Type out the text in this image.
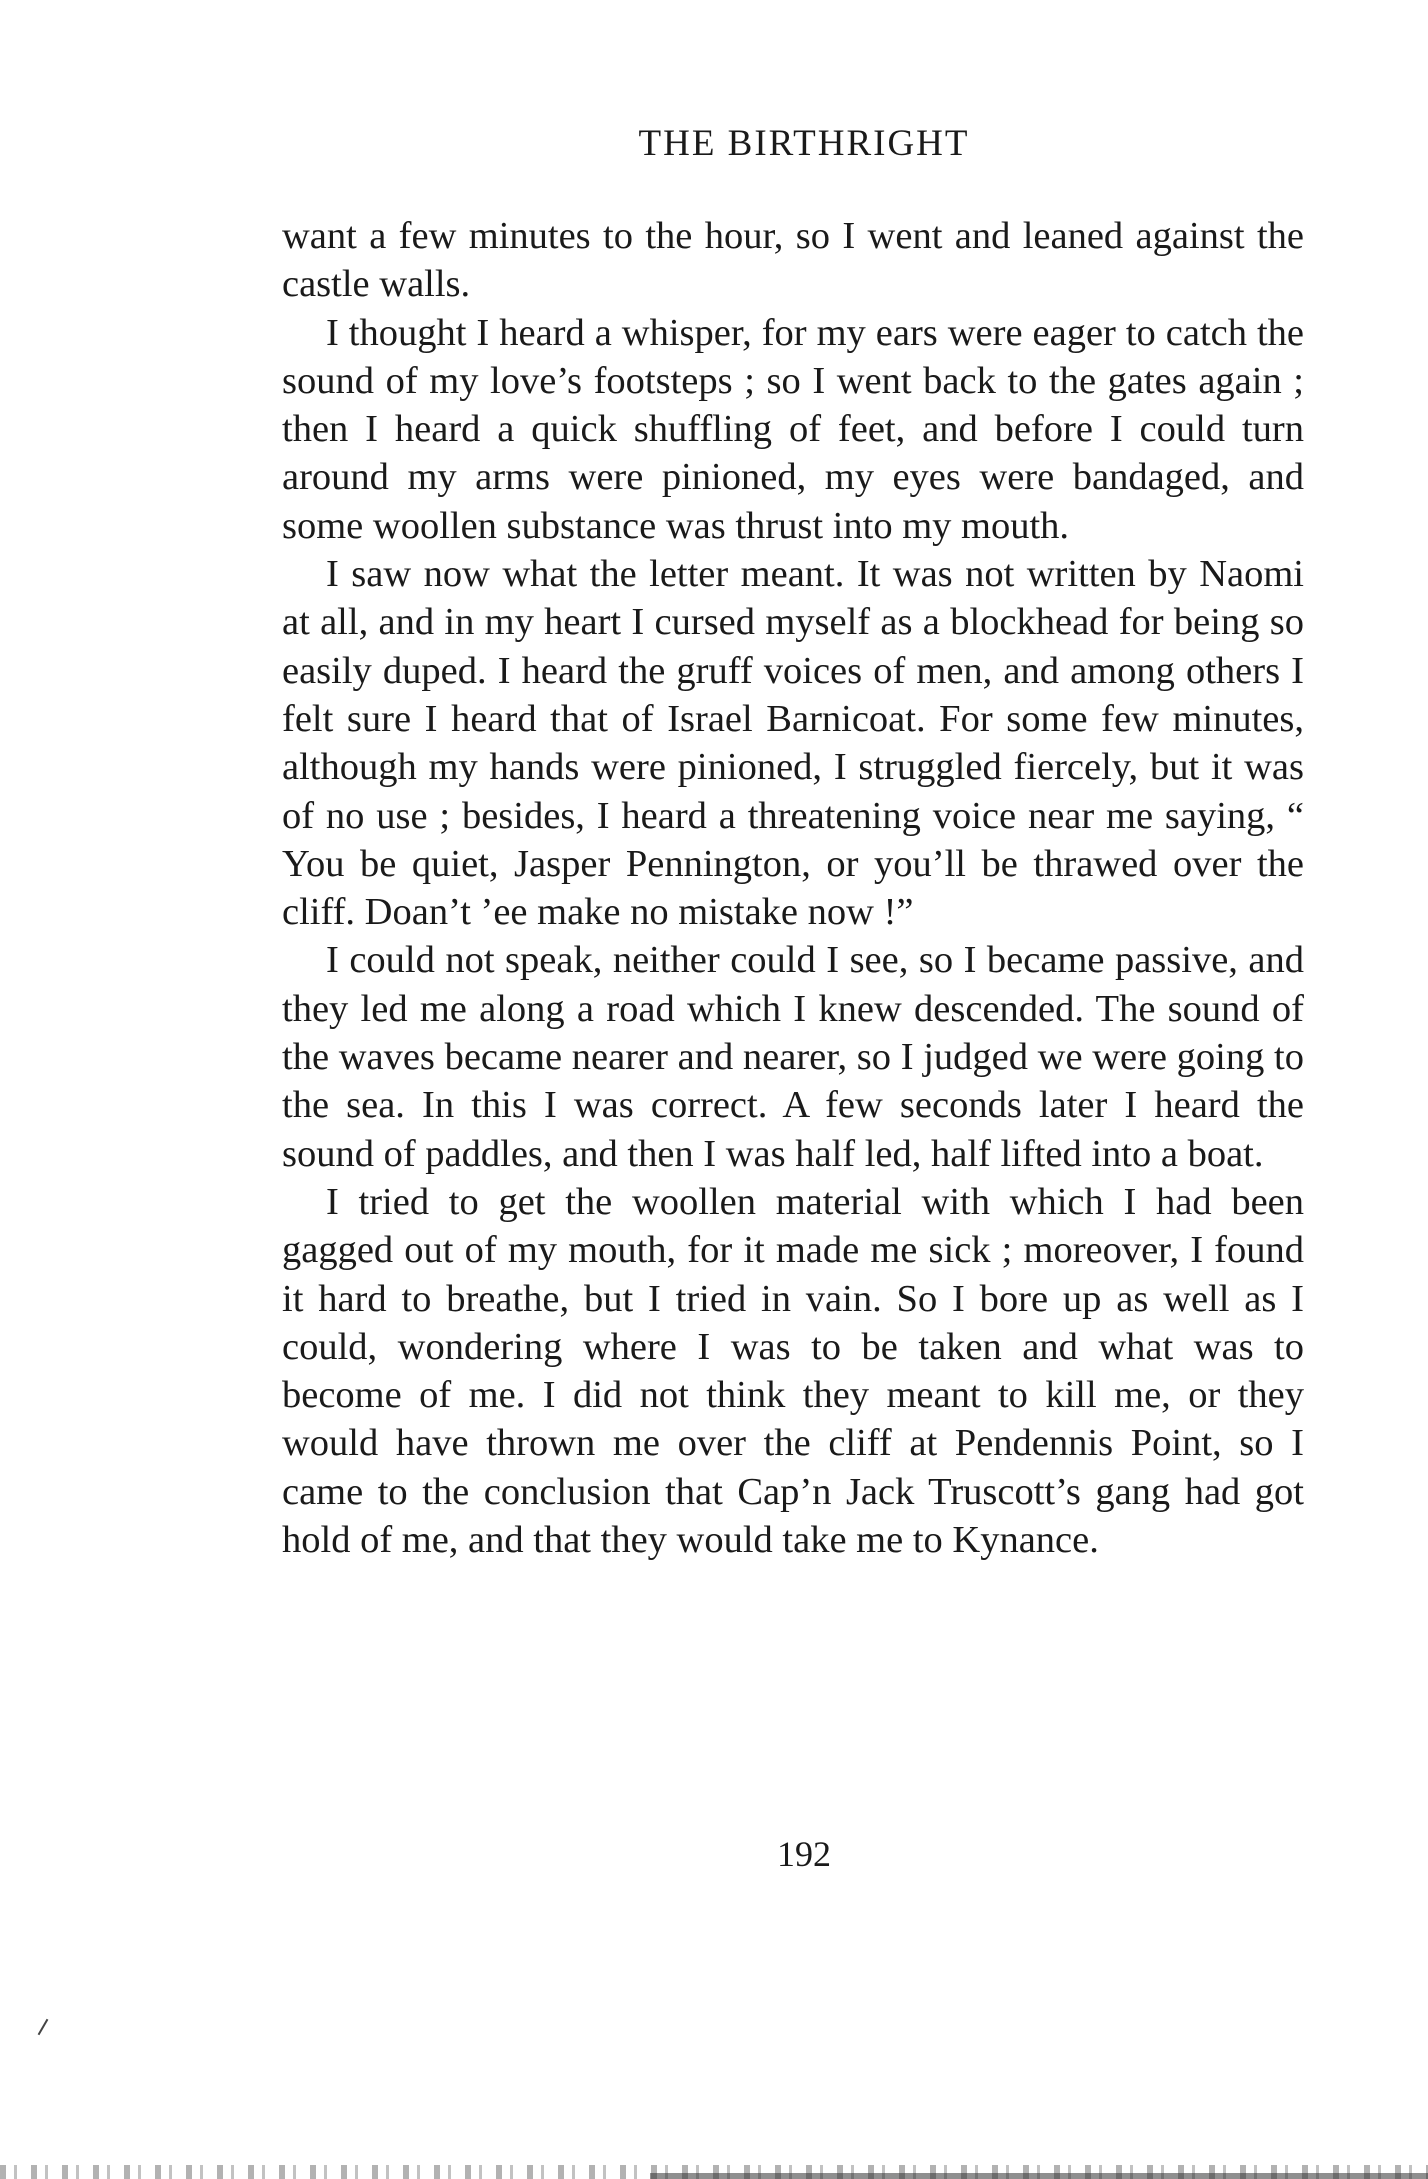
THE BIRTHRIGHT

want a few minutes to the hour, so I went and leaned against the castle walls.

I thought I heard a whisper, for my ears were eager to catch the sound of my love’s footsteps ; so I went back to the gates again ; then I heard a quick shuffling of feet, and before I could turn around my arms were pinioned, my eyes were bandaged, and some woollen substance was thrust into my mouth.

I saw now what the letter meant. It was not written by Naomi at all, and in my heart I cursed myself as a blockhead for being so easily duped. I heard the gruff voices of men, and among others I felt sure I heard that of Israel Barnicoat. For some few minutes, although my hands were pinioned, I struggled fiercely, but it was of no use ; besides, I heard a threatening voice near me saying, “ You be quiet, Jasper Pennington, or you’ll be thrawed over the cliff. Doan’t ’ee make no mistake now !”

I could not speak, neither could I see, so I became passive, and they led me along a road which I knew descended. The sound of the waves became nearer and nearer, so I judged we were going to the sea. In this I was correct. A few seconds later I heard the sound of paddles, and then I was half led, half lifted into a boat.

I tried to get the woollen material with which I had been gagged out of my mouth, for it made me sick ; moreover, I found it hard to breathe, but I tried in vain. So I bore up as well as I could, wondering where I was to be taken and what was to become of me. I did not think they meant to kill me, or they would have thrown me over the cliff at Pendennis Point, so I came to the conclusion that Cap’n Jack Truscott’s gang had got hold of me, and that they would take me to Kynance.

192
